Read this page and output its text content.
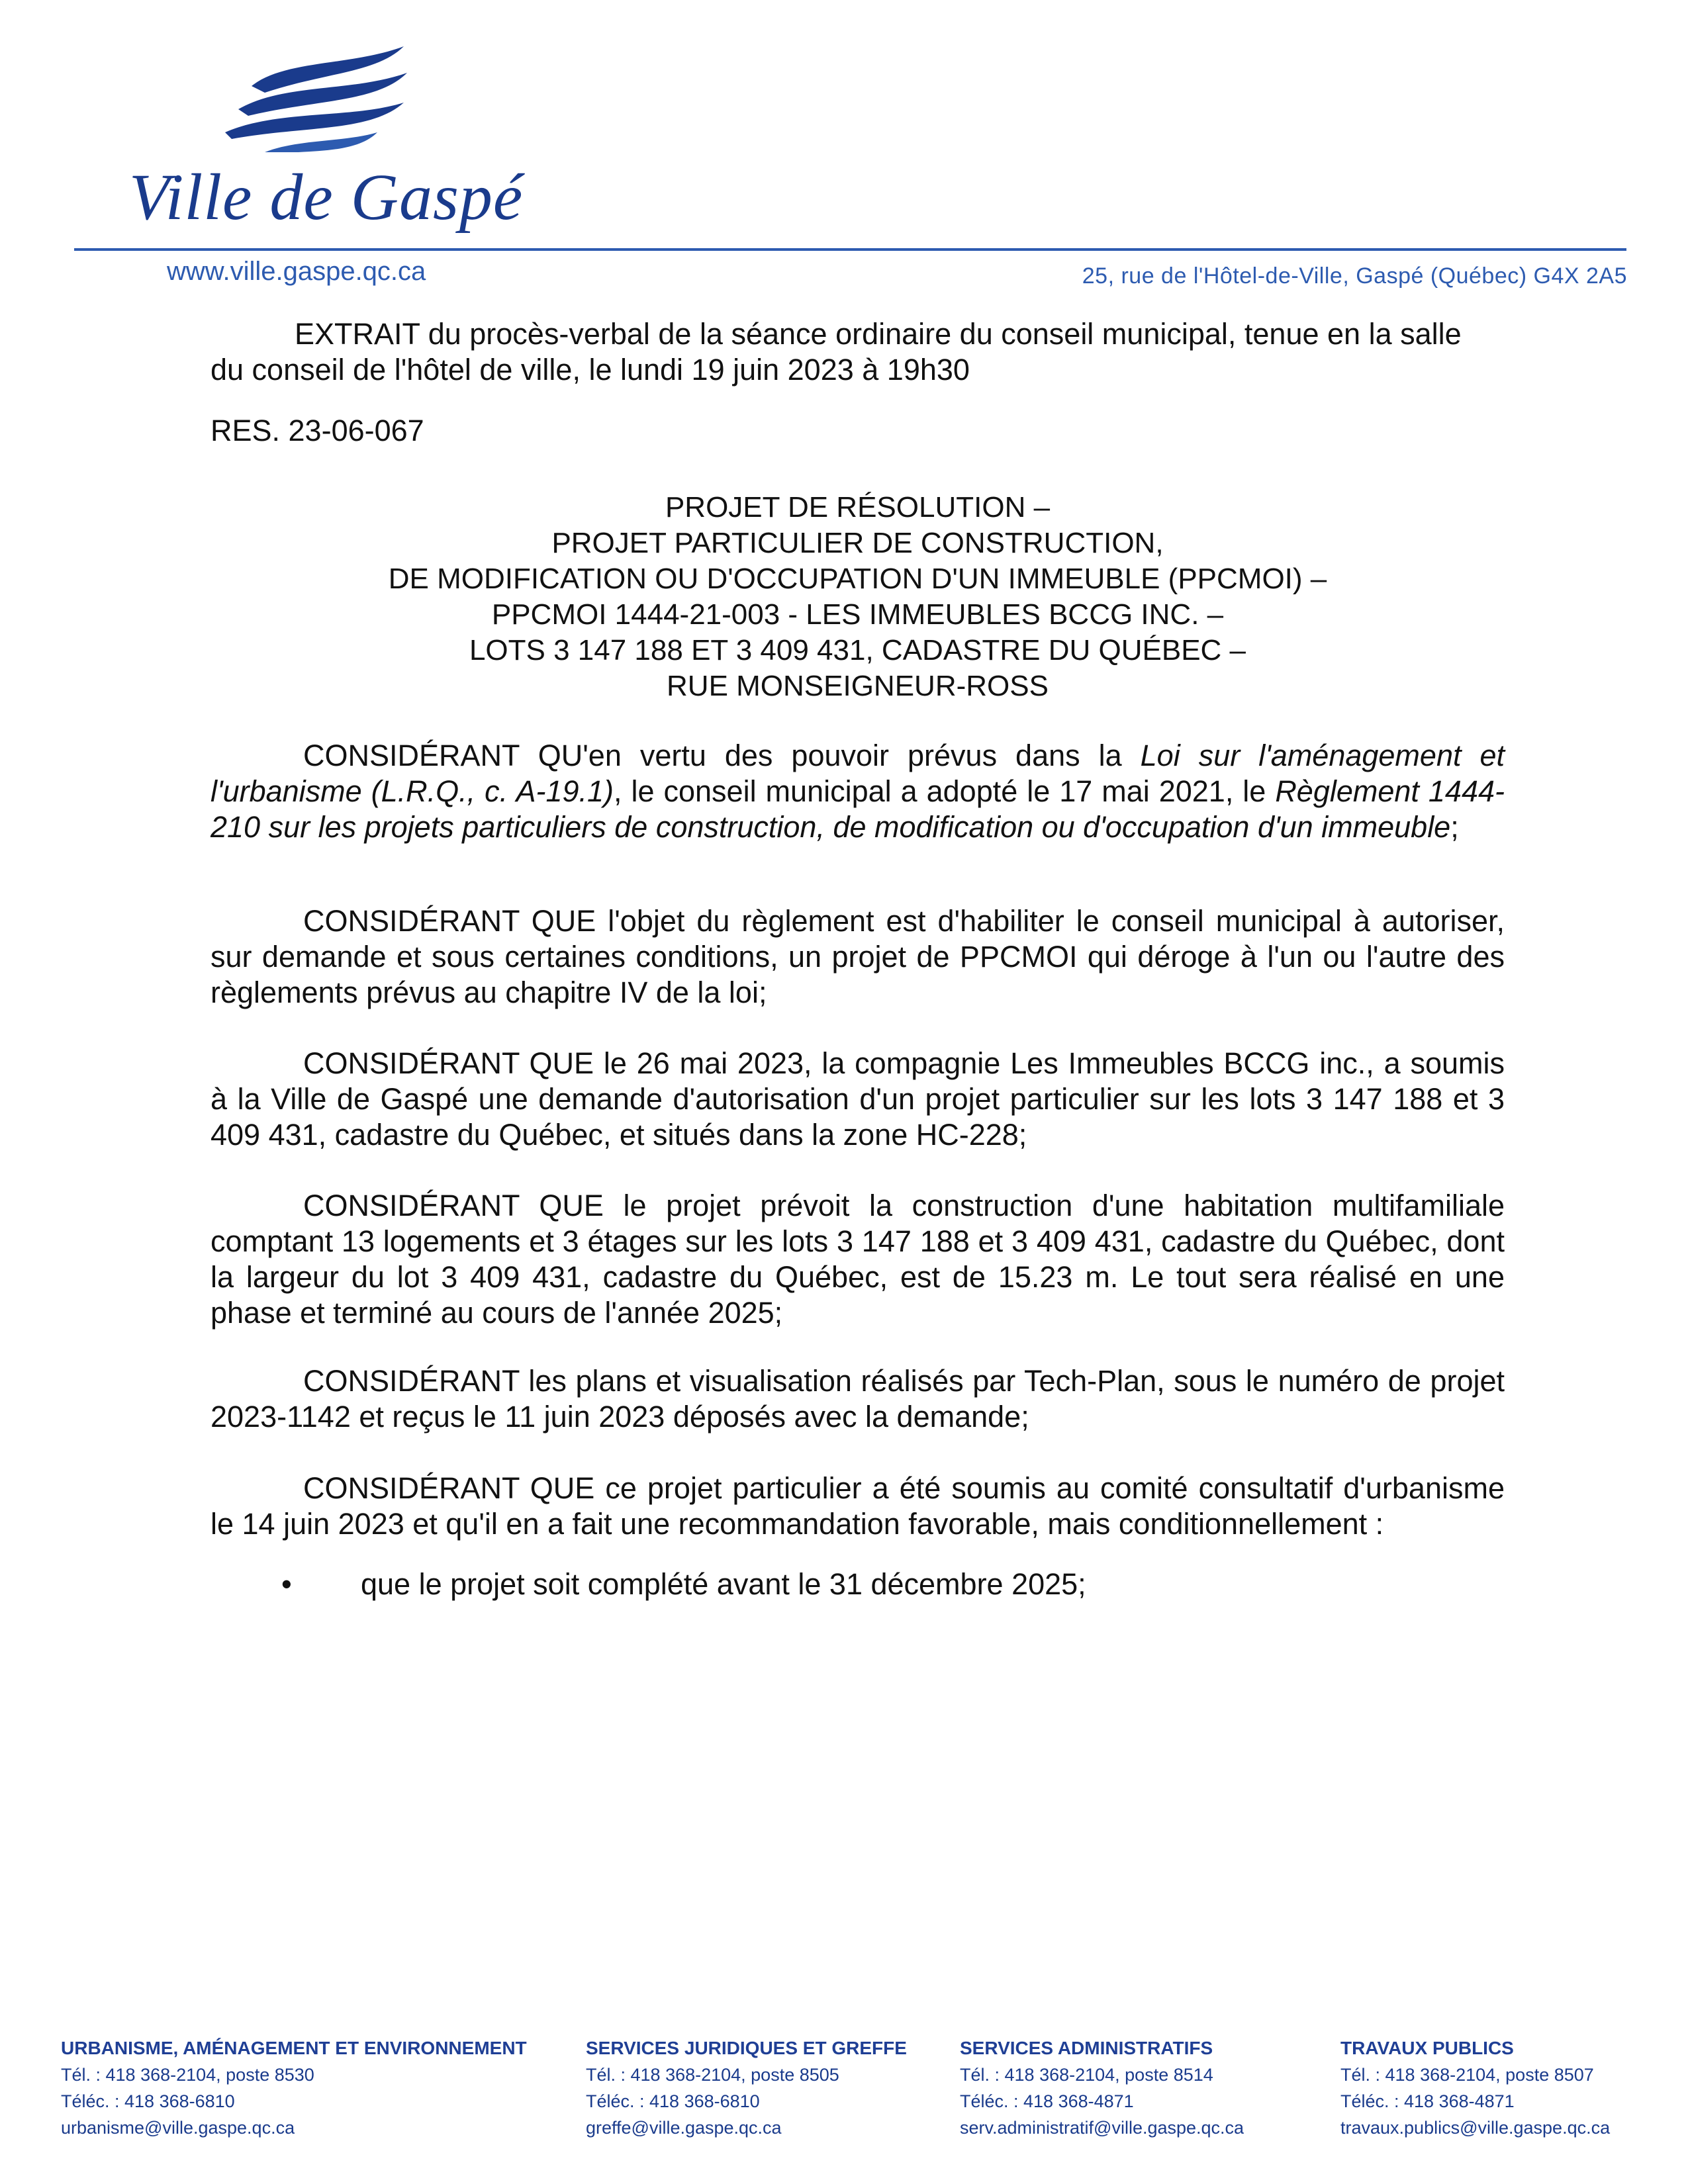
Ville de Gaspé
www.ville.gaspe.qc.ca	25, rue de l'Hôtel-de-Ville, Gaspé (Québec) G4X 2A5
EXTRAIT du procès-verbal de la séance ordinaire du conseil municipal, tenue en la salle
du conseil de l'hôtel de ville, le lundi 19 juin 2023 à 19h30
RES. 23-06-067
PROJET DE RÉSOLUTION –
PROJET PARTICULIER DE CONSTRUCTION,
DE MODIFICATION OU D'OCCUPATION D'UN IMMEUBLE (PPCMOI) –
PPCMOI 1444-21-003 - LES IMMEUBLES BCCG INC. –
LOTS 3 147 188 ET 3 409 431, CADASTRE DU QUÉBEC –
RUE MONSEIGNEUR-ROSS
CONSIDÉRANT QU'en vertu des pouvoir prévus dans la Loi sur l'aménagement et l'urbanisme (L.R.Q., c. A-19.1), le conseil municipal a adopté le 17 mai 2021, le Règlement 1444-210 sur les projets particuliers de construction, de modification ou d'occupation d'un immeuble;
CONSIDÉRANT QUE l'objet du règlement est d'habiliter le conseil municipal à autoriser, sur demande et sous certaines conditions, un projet de PPCMOI qui déroge à l'un ou l'autre des règlements prévus au chapitre IV de la loi;
CONSIDÉRANT QUE le 26 mai 2023, la compagnie Les Immeubles BCCG inc., a soumis à la Ville de Gaspé une demande d'autorisation d'un projet particulier sur les lots 3 147 188 et 3 409 431, cadastre du Québec, et situés dans la zone HC-228;
CONSIDÉRANT QUE le projet prévoit la construction d'une habitation multifamiliale comptant 13 logements et 3 étages sur les lots 3 147 188 et 3 409 431, cadastre du Québec, dont la largeur du lot 3 409 431, cadastre du Québec, est de 15.23 m. Le tout sera réalisé en une phase et terminé au cours de l'année 2025;
CONSIDÉRANT les plans et visualisation réalisés par Tech-Plan, sous le numéro de projet 2023-1142 et reçus le 11 juin 2023 déposés avec la demande;
CONSIDÉRANT QUE ce projet particulier a été soumis au comité consultatif d'urbanisme le 14 juin 2023 et qu'il en a fait une recommandation favorable, mais conditionnellement :
• que le projet soit complété avant le 31 décembre 2025;
URBANISME, AMÉNAGEMENT ET ENVIRONNEMENT
Tél. : 418 368-2104, poste 8530
Téléc. : 418 368-6810
urbanisme@ville.gaspe.qc.ca
SERVICES JURIDIQUES ET GREFFE
Tél. : 418 368-2104, poste 8505
Téléc. : 418 368-6810
greffe@ville.gaspe.qc.ca
SERVICES ADMINISTRATIFS
Tél. : 418 368-2104, poste 8514
Téléc. : 418 368-4871
serv.administratif@ville.gaspe.qc.ca
TRAVAUX PUBLICS
Tél. : 418 368-2104, poste 8507
Téléc. : 418 368-4871
travaux.publics@ville.gaspe.qc.ca
